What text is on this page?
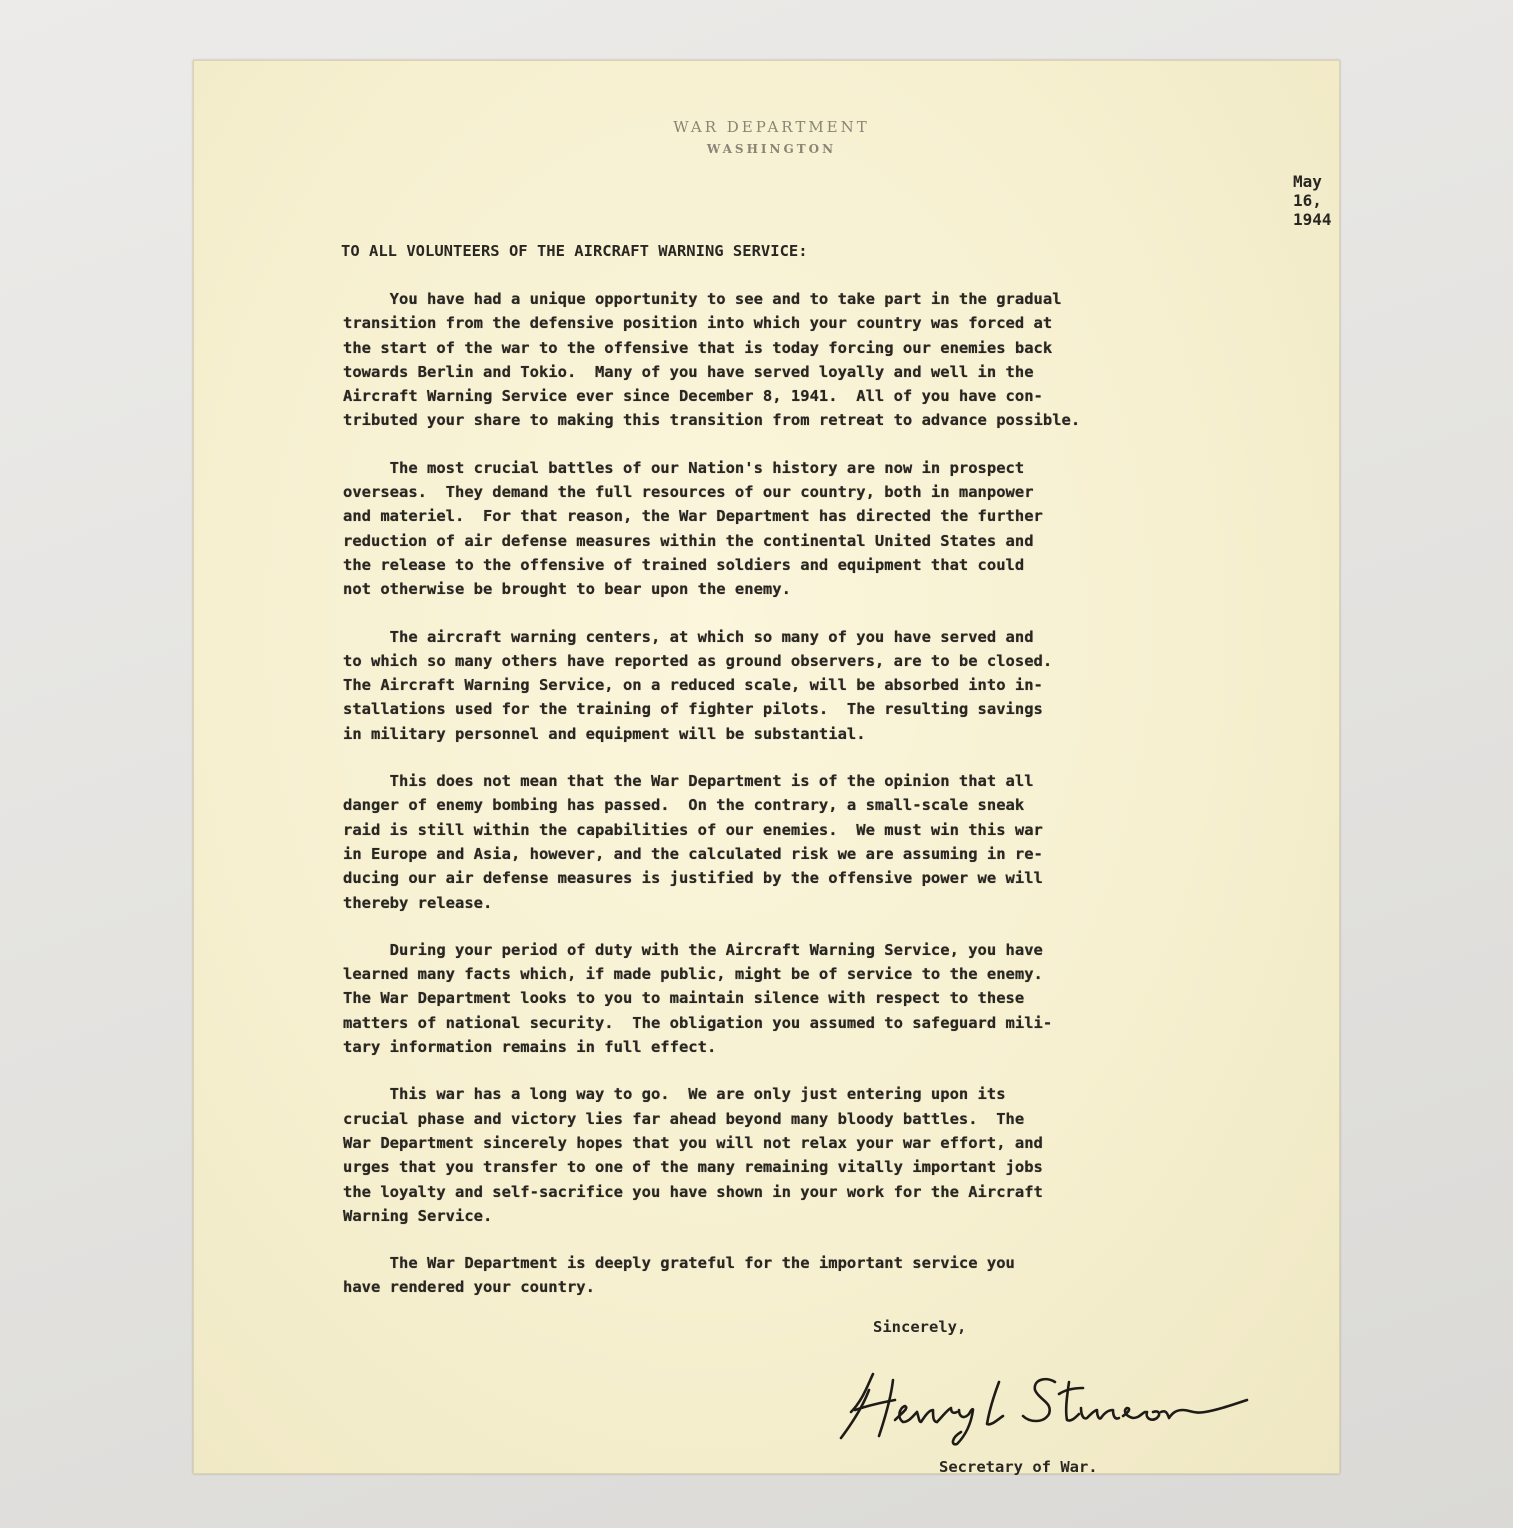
WAR DEPARTMENT
WASHINGTON
May 16, 1944
TO ALL VOLUNTEERS OF THE AIRCRAFT WARNING SERVICE:
You have had a unique opportunity to see and to take part in the gradual
transition from the defensive position into which your country was forced at
the start of the war to the offensive that is today forcing our enemies back
towards Berlin and Tokio.  Many of you have served loyally and well in the
Aircraft Warning Service ever since December 8, 1941.  All of you have con-
tributed your share to making this transition from retreat to advance possible.
The most crucial battles of our Nation's history are now in prospect
overseas.  They demand the full resources of our country, both in manpower
and materiel.  For that reason, the War Department has directed the further
reduction of air defense measures within the continental United States and
the release to the offensive of trained soldiers and equipment that could
not otherwise be brought to bear upon the enemy.
The aircraft warning centers, at which so many of you have served and
to which so many others have reported as ground observers, are to be closed.
The Aircraft Warning Service, on a reduced scale, will be absorbed into in-
stallations used for the training of fighter pilots.  The resulting savings
in military personnel and equipment will be substantial.
This does not mean that the War Department is of the opinion that all
danger of enemy bombing has passed.  On the contrary, a small-scale sneak
raid is still within the capabilities of our enemies.  We must win this war
in Europe and Asia, however, and the calculated risk we are assuming in re-
ducing our air defense measures is justified by the offensive power we will
thereby release.
During your period of duty with the Aircraft Warning Service, you have
learned many facts which, if made public, might be of service to the enemy.
The War Department looks to you to maintain silence with respect to these
matters of national security.  The obligation you assumed to safeguard mili-
tary information remains in full effect.
This war has a long way to go.  We are only just entering upon its
crucial phase and victory lies far ahead beyond many bloody battles.  The
War Department sincerely hopes that you will not relax your war effort, and
urges that you transfer to one of the many remaining vitally important jobs
the loyalty and self-sacrifice you have shown in your work for the Aircraft
Warning Service.
The War Department is deeply grateful for the important service you
have rendered your country.
Sincerely,
Secretary of War.
